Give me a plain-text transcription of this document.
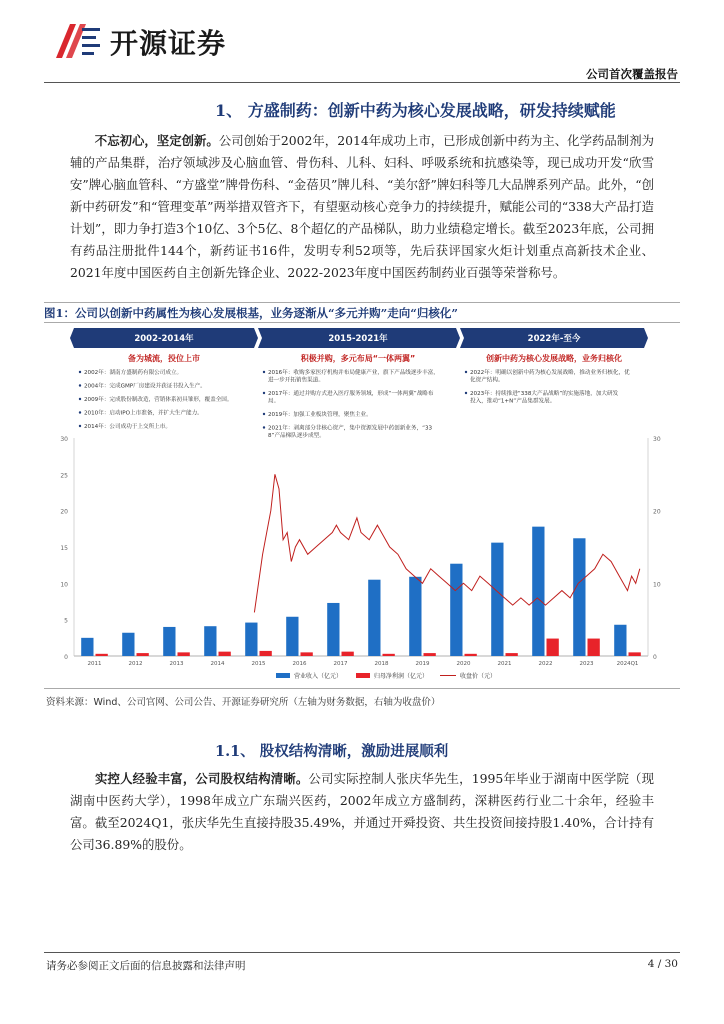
开源证券
公司首次覆盖报告
1、 方盛制药：创新中药为核心发展战略，研发持续赋能
  不忘初心，坚定创新。公司创始于2002年，2014年成功上市，已形成创新中药为主、化学药品制剂为辅的产品集群，治疗领域涉及心脑血管、骨伤科、儿科、妇科、呼吸系统和抗感染等，现已成功开发“欣雪安”牌心脑血管科、“方盛堂”牌骨伤科、“金蓓贝”牌儿科、“美尔舒”牌妇科等几大品牌系列产品。此外，“创新中药研发”和“管理变革”两举措双管齐下，有望驱动核心竞争力的持续提升，赋能公司的“338大产品打造计划”，即力争打造3个10亿、3个5亿、8个超亿的产品梯队，助力业绩稳定增长。截至2023年底，公司拥有药品注册批件144个，新药证书16件，发明专利52项等，先后获评国家火炬计划重点高新技术企业、2021年度中国医药自主创新先锋企业、2022-2023年度中国医药制药业百强等荣誉称号。
图1：公司以创新中药属性为核心发展根基，业务逐渐从“多元并购”走向“归核化”
2002-2014年
备为城流，投位上市
2015-2021年
积极并购，多元布局“一体两翼”
2022年-至今
创新中药为核心发展战略，业务归核化
0
5
10
15
20
25
30
0
10
20
30
2011	2012	2013	2014	2015	2016	2017	2018	2019	2020	2021	2022	2023	2024Q1
2002年：湖南方盛制药有限公司成立。
2004年：完成GMP厂房建设并获证书投入生产。
2009年：完成股份制改造，营销体系初具雏形，覆盖全国。
2010年：启动IPO上市准备，并扩大生产能力。
2014年：公司成功于上交所上市。
2016年：收购多家医疗机构并布局健康产业，旗下产品线逐步丰富，进一步开拓销售渠道。
2017年：通过并购方式进入医疗服务领域，形成“一体两翼”战略布局。
2019年：加强工业板块管理，聚焦主业。
2021年：剥离部分非核心资产，集中资源发展中药创新业务，“33 8”产品梯队逐步成型。
2022年：明确以创新中药为核心发展战略，推动业务归核化，优化资产结构。
2023年：持续推进“338大产品战略”的实施落地，加大研发投入，推动“1+N”产品集群发展。
营业收入（亿元）	归母净利润（亿元）	收盘价（元）
资料来源：Wind、公司官网、公司公告、开源证券研究所（左轴为财务数据，右轴为收盘价）
1.1、 股权结构清晰，激励进展顺利
  实控人经验丰富，公司股权结构清晰。公司实际控制人张庆华先生，1995年毕业于湖南中医学院（现湖南中医药大学），1998年成立广东瑞兴医药，2002年成立方盛制药，深耕医药行业二十余年，经验丰富。截至2024Q1，张庆华先生直接持股35.49%，并通过开舜投资、共生投资间接持股1.40%，合计持有公司36.89%的股份。
请务必参阅正文后面的信息披露和法律声明	4 / 30
